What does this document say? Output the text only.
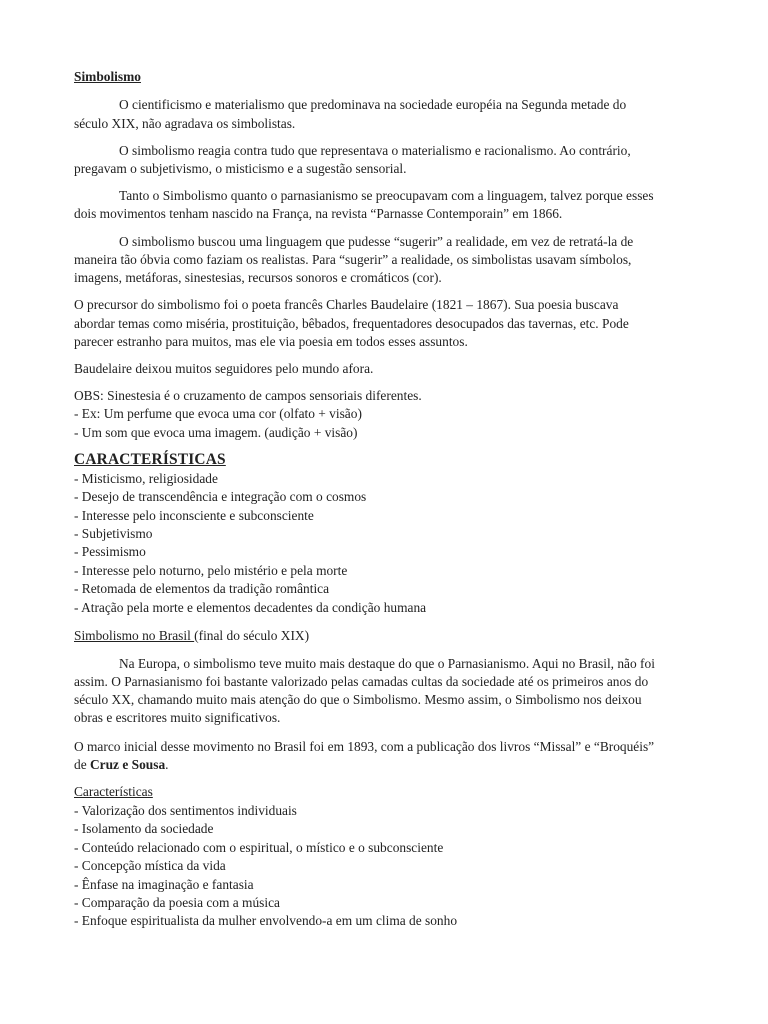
Simbolismo
O cientificismo e materialismo que predominava na sociedade européia na Segunda metade do
século XIX, não agradava os simbolistas.
O simbolismo reagia contra tudo que representava o materialismo e racionalismo. Ao contrário,
pregavam o subjetivismo, o misticismo e a sugestão sensorial.
Tanto o Simbolismo quanto o parnasianismo se preocupavam com a linguagem, talvez porque esses
dois movimentos tenham nascido na França, na revista “Parnasse Contemporain” em 1866.
O simbolismo buscou uma linguagem que pudesse “sugerir” a realidade, em vez de retratá-la de
maneira tão óbvia como faziam os realistas. Para “sugerir” a realidade, os simbolistas usavam símbolos,
imagens, metáforas, sinestesias, recursos sonoros e cromáticos (cor).
O precursor do simbolismo foi o poeta francês Charles Baudelaire (1821 – 1867). Sua poesia buscava
abordar temas como miséria, prostituição, bêbados, frequentadores desocupados das tavernas, etc. Pode
parecer estranho para muitos, mas ele via poesia em todos esses assuntos.
Baudelaire deixou muitos seguidores pelo mundo afora.
OBS: Sinestesia é o cruzamento de campos sensoriais diferentes.
- Ex: Um perfume que evoca uma cor (olfato + visão)
- Um som que evoca uma imagem. (audição + visão)
CARACTERÍSTICAS
- Misticismo, religiosidade
- Desejo de transcendência e integração com o cosmos
- Interesse pelo inconsciente e subconsciente
- Subjetivismo
- Pessimismo
- Interesse pelo noturno, pelo mistério e pela morte
- Retomada de elementos da tradição romântica
- Atração pela morte e elementos decadentes da condição humana
Simbolismo no Brasil (final do século XIX)
Na Europa, o simbolismo teve muito mais destaque do que o Parnasianismo. Aqui no Brasil, não foi
assim. O Parnasianismo foi bastante valorizado pelas camadas cultas da sociedade até os primeiros anos do
século XX, chamando muito mais atenção do que o Simbolismo. Mesmo assim, o Simbolismo nos deixou
obras e escritores muito significativos.
O marco inicial desse movimento no Brasil foi em 1893, com a publicação dos livros “Missal” e “Broquéis”
de Cruz e Sousa.
Características
- Valorização dos sentimentos individuais
- Isolamento da sociedade
- Conteúdo relacionado com o espiritual, o místico e o subconsciente
- Concepção mística da vida
- Ênfase na imaginação e fantasia
- Comparação da poesia com a música
- Enfoque espiritualista da mulher envolvendo-a em um clima de sonho
